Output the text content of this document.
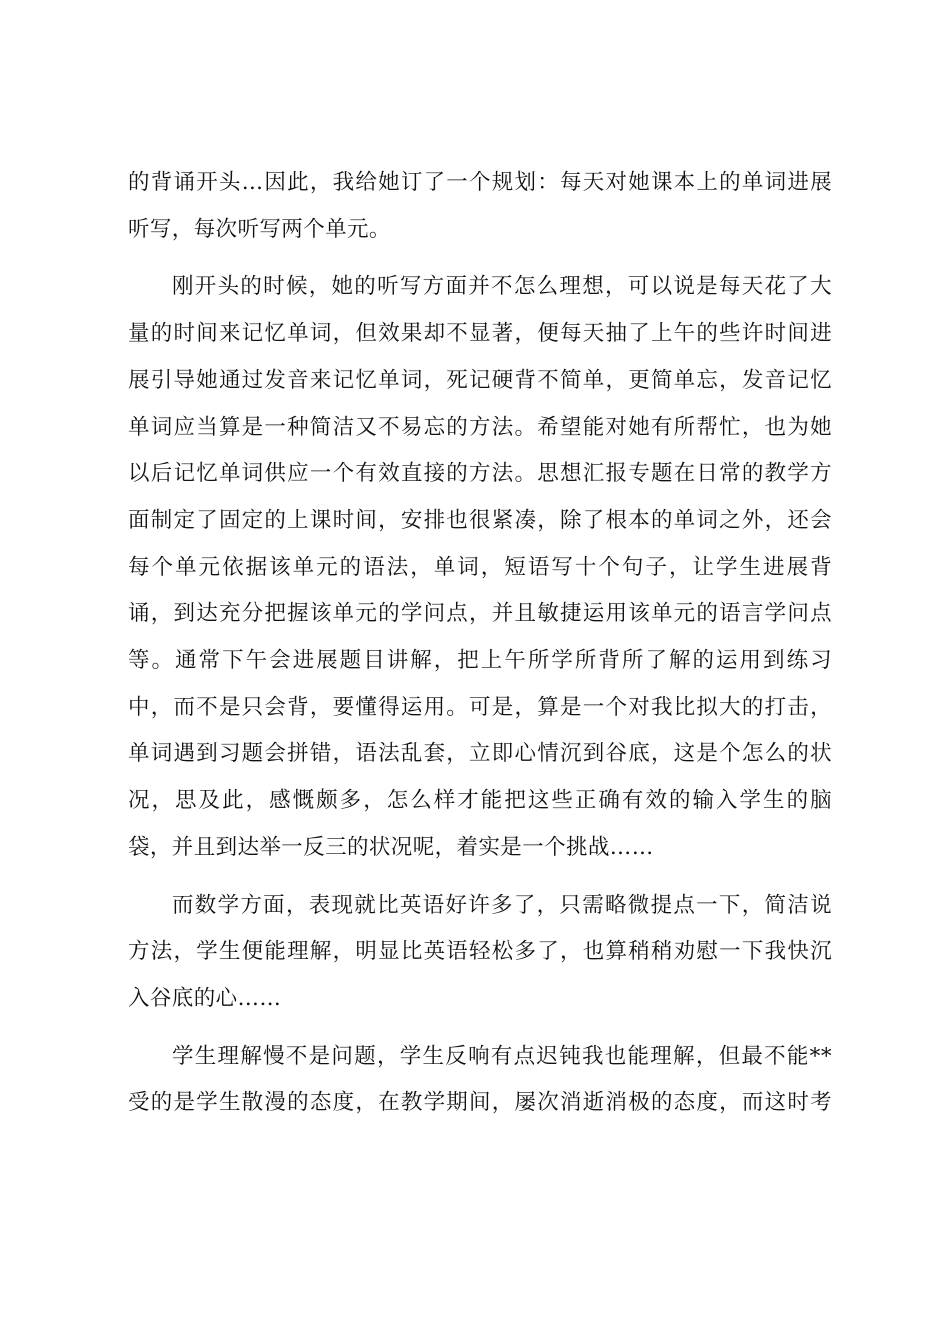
的背诵开头…因此，我给她订了一个规划：每天对她课本上的单词进展
听写，每次听写两个单元。

刚开头的时候，她的听写方面并不怎么理想，可以说是每天花了大
量的时间来记忆单词，但效果却不显著，便每天抽了上午的些许时间进
展引导她通过发音来记忆单词，死记硬背不简单，更简单忘，发音记忆
单词应当算是一种简洁又不易忘的方法。希望能对她有所帮忙，也为她
以后记忆单词供应一个有效直接的方法。思想汇报专题在日常的教学方
面制定了固定的上课时间，安排也很紧凑，除了根本的单词之外，还会
每个单元依据该单元的语法，单词，短语写十个句子，让学生进展背
诵，到达充分把握该单元的学问点，并且敏捷运用该单元的语言学问点
等。通常下午会进展题目讲解，把上午所学所背所了解的运用到练习
中，而不是只会背，要懂得运用。可是，算是一个对我比拟大的打击，
单词遇到习题会拼错，语法乱套，立即心情沉到谷底，这是个怎么的状
况，思及此，感慨颇多，怎么样才能把这些正确有效的输入学生的脑
袋，并且到达举一反三的状况呢，着实是一个挑战……

而数学方面，表现就比英语好许多了，只需略微提点一下，简洁说
方法，学生便能理解，明显比英语轻松多了，也算稍稍劝慰一下我快沉
入谷底的心……

学生理解慢不是问题，学生反响有点迟钝我也能理解，但最不能**
受的是学生散漫的态度，在教学期间，屡次消逝消极的态度，而这时考
